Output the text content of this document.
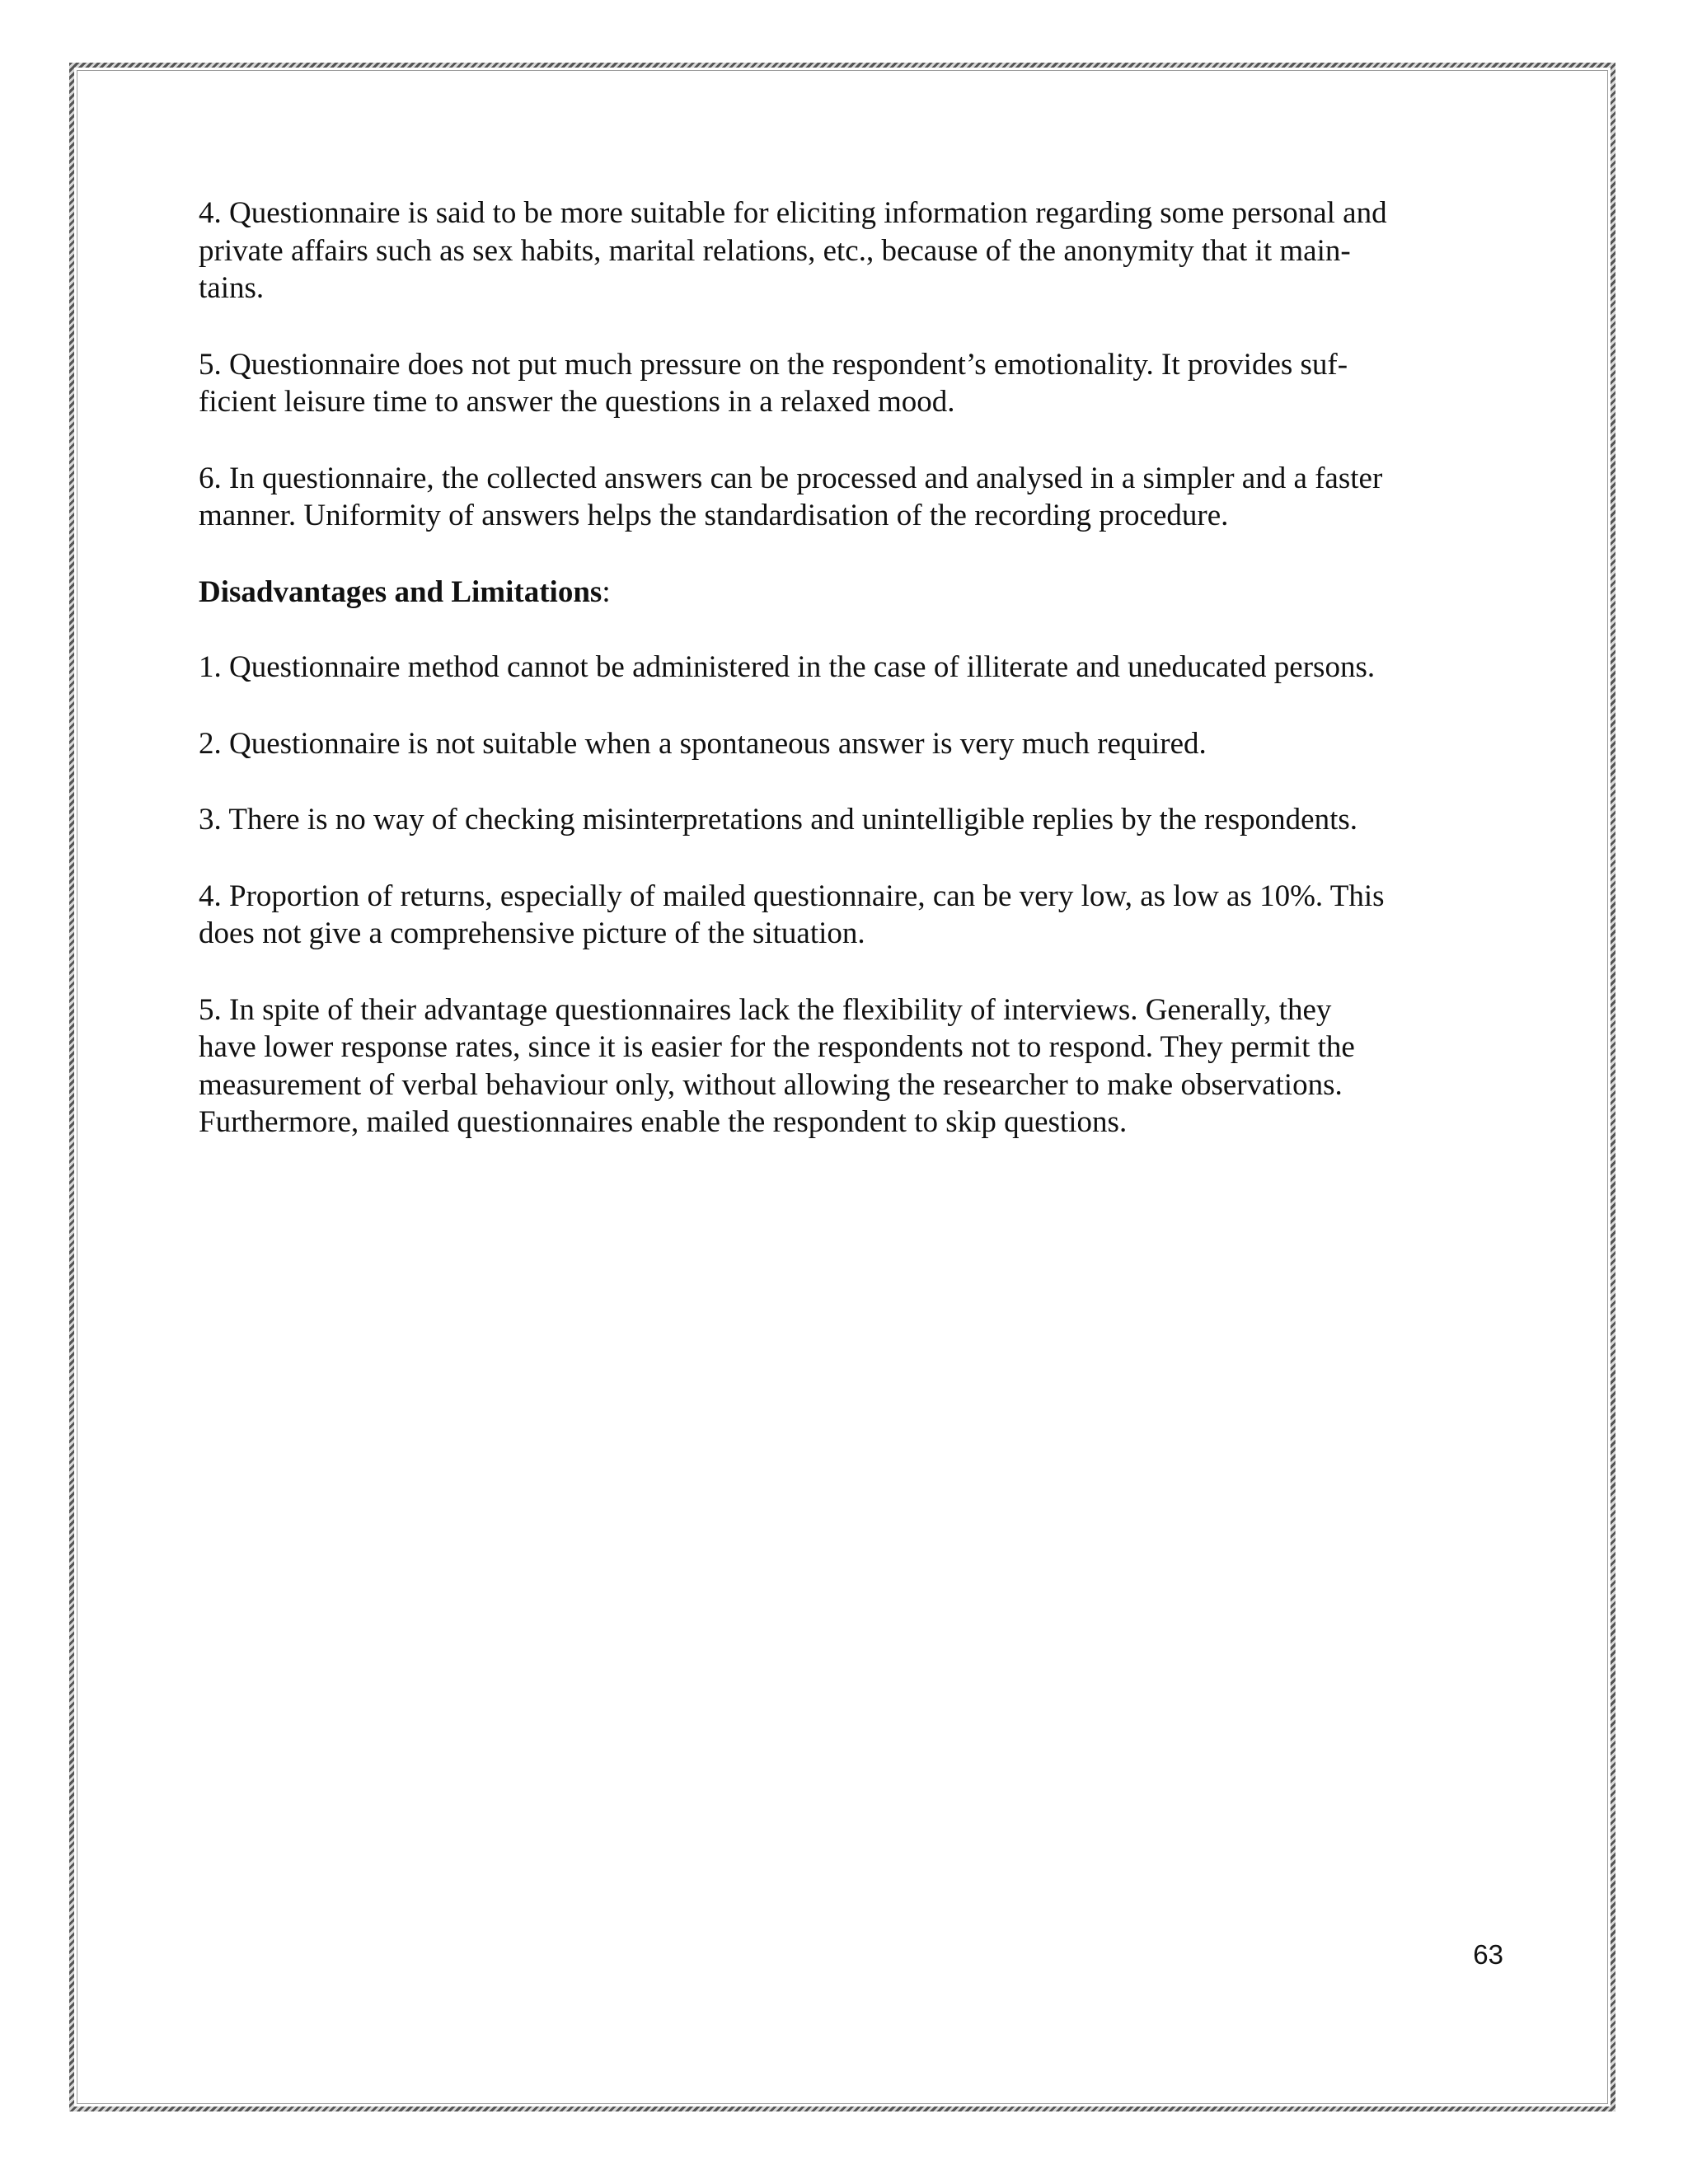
4. Questionnaire is said to be more suitable for eliciting information regarding some personal and
private affairs such as sex habits, marital relations, etc., because of the anonymity that it main-
tains.

5. Questionnaire does not put much pressure on the respondent’s emotionality. It provides suf-
ficient leisure time to answer the questions in a relaxed mood.

6. In questionnaire, the collected answers can be processed and analysed in a simpler and a faster
manner. Uniformity of answers helps the standardisation of the recording procedure.

Disadvantages and Limitations:

1. Questionnaire method cannot be administered in the case of illiterate and uneducated persons.

2. Questionnaire is not suitable when a spontaneous answer is very much required.

3. There is no way of checking misinterpretations and unintelligible replies by the respondents.

4. Proportion of returns, especially of mailed questionnaire, can be very low, as low as 10%. This
does not give a comprehensive picture of the situation.

5. In spite of their advantage questionnaires lack the flexibility of interviews. Generally, they
have lower response rates, since it is easier for the respondents not to respond. They permit the
measurement of verbal behaviour only, without allowing the researcher to make observations.
Furthermore, mailed questionnaires enable the respondent to skip questions.

63
